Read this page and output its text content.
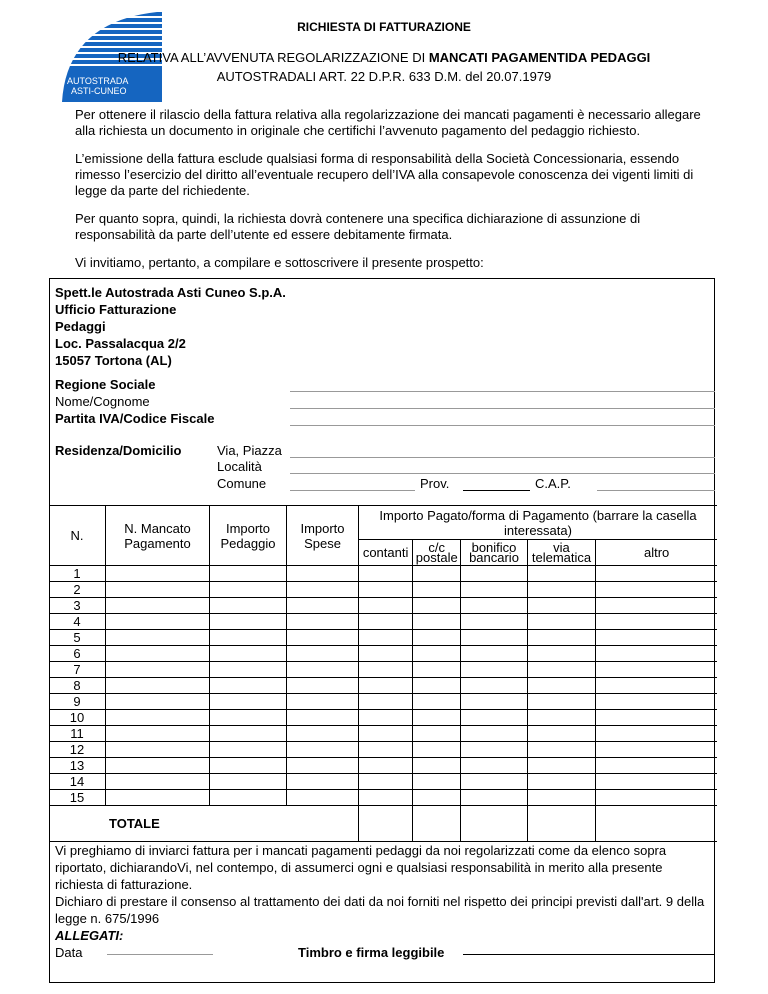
AUTOSTRADA
ASTI-CUNEO
RICHIESTA DI FATTURAZIONE
RELATIVA ALL’AVVENUTA REGOLARIZZAZIONE DI MANCATI PAGAMENTIDA PEDAGGI
AUTOSTRADALI ART. 22 D.P.R. 633 D.M. del 20.07.1979
Per ottenere il rilascio della fattura relativa alla regolarizzazione dei mancati pagamenti è necessario allegare alla richiesta un documento in originale che certifichi l’avvenuto pagamento del pedaggio richiesto.
L’emissione della fattura esclude qualsiasi forma di responsabilità della Società Concessionaria, essendo rimesso l’esercizio del diritto all’eventuale recupero dell’IVA alla consapevole conoscenza dei vigenti limiti di legge da parte del richiedente.
Per quanto sopra, quindi, la richiesta dovrà contenere una specifica dichiarazione di assunzione di responsabilità da parte dell’utente ed essere debitamente firmata.
Vi invitiamo, pertanto, a compilare e sottoscrivere il presente prospetto:
Spett.le Autostrada Asti Cuneo S.p.A.
Ufficio Fatturazione
Pedaggi
Loc. Passalacqua 2/2
15057 Tortona (AL)
Regione Sociale
Nome/Cognome
Partita IVA/Codice Fiscale
Residenza/Domicilio	Via, Piazza
Località
Comune	Prov.	C.A.P.
N.	N. Mancato Pagamento	Importo Pedaggio	Importo Spese	Importo Pagato/forma di Pagamento (barrare la casella interessata)				
				contanti	c/c postale	bonifico bancario	via telematica	altro
1								
2								
3								
4								
5								
6								
7								
8								
9								
10								
11								
12								
13								
14								
15								
TOTALE								
Vi preghiamo di inviarci fattura per i mancati pagamenti pedaggi da noi regolarizzati come da elenco sopra riportato, dichiarandoVi, nel contempo, di assumerci ogni e qualsiasi responsabilità in merito alla presente richiesta di fatturazione.
Dichiaro di prestare il consenso al trattamento dei dati da noi forniti nel rispetto dei principi previsti dall'art. 9 della legge n. 675/1996
ALLEGATI:
Data	Timbro e firma leggibile
